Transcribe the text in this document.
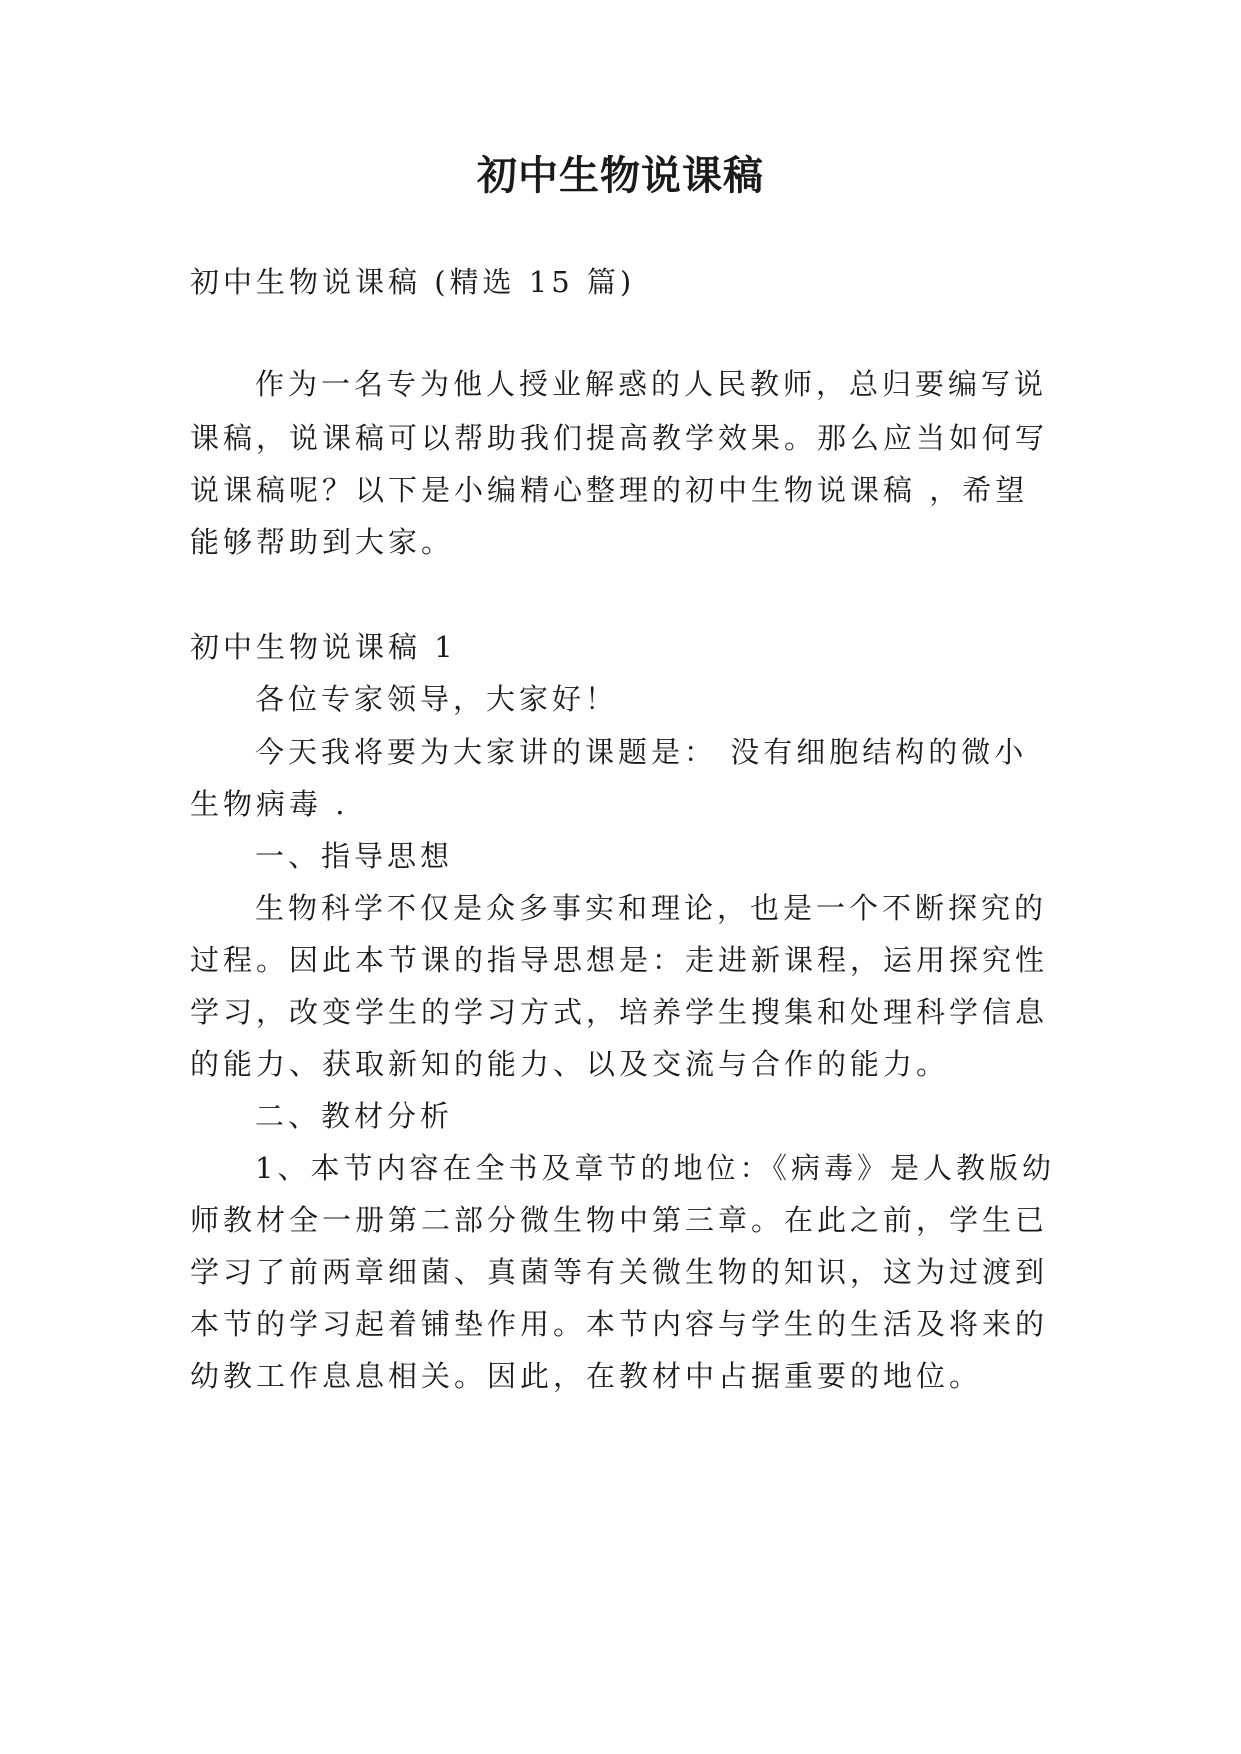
初中生物说课稿
初中生物说课稿 (精选 15 篇)
作为一名专为他人授业解惑的人民教师，总归要编写说
课稿，说课稿可以帮助我们提高教学效果。那么应当如何写
说课稿呢？以下是小编精心整理的初中生物说课稿 ，希望
能够帮助到大家。
初中生物说课稿 1
各位专家领导，大家好！
今天我将要为大家讲的课题是： 没有细胞结构的微小
生物病毒 .
一、指导思想
生物科学不仅是众多事实和理论，也是一个不断探究的
过程。因此本节课的指导思想是：走进新课程，运用探究性
学习，改变学生的学习方式，培养学生搜集和处理科学信息
的能力、获取新知的能力、以及交流与合作的能力。
二、教材分析
1、本节内容在全书及章节的地位：《病毒》是人教版幼
师教材全一册第二部分微生物中第三章。在此之前，学生已
学习了前两章细菌、真菌等有关微生物的知识，这为过渡到
本节的学习起着铺垫作用。本节内容与学生的生活及将来的
幼教工作息息相关。因此，在教材中占据重要的地位。
